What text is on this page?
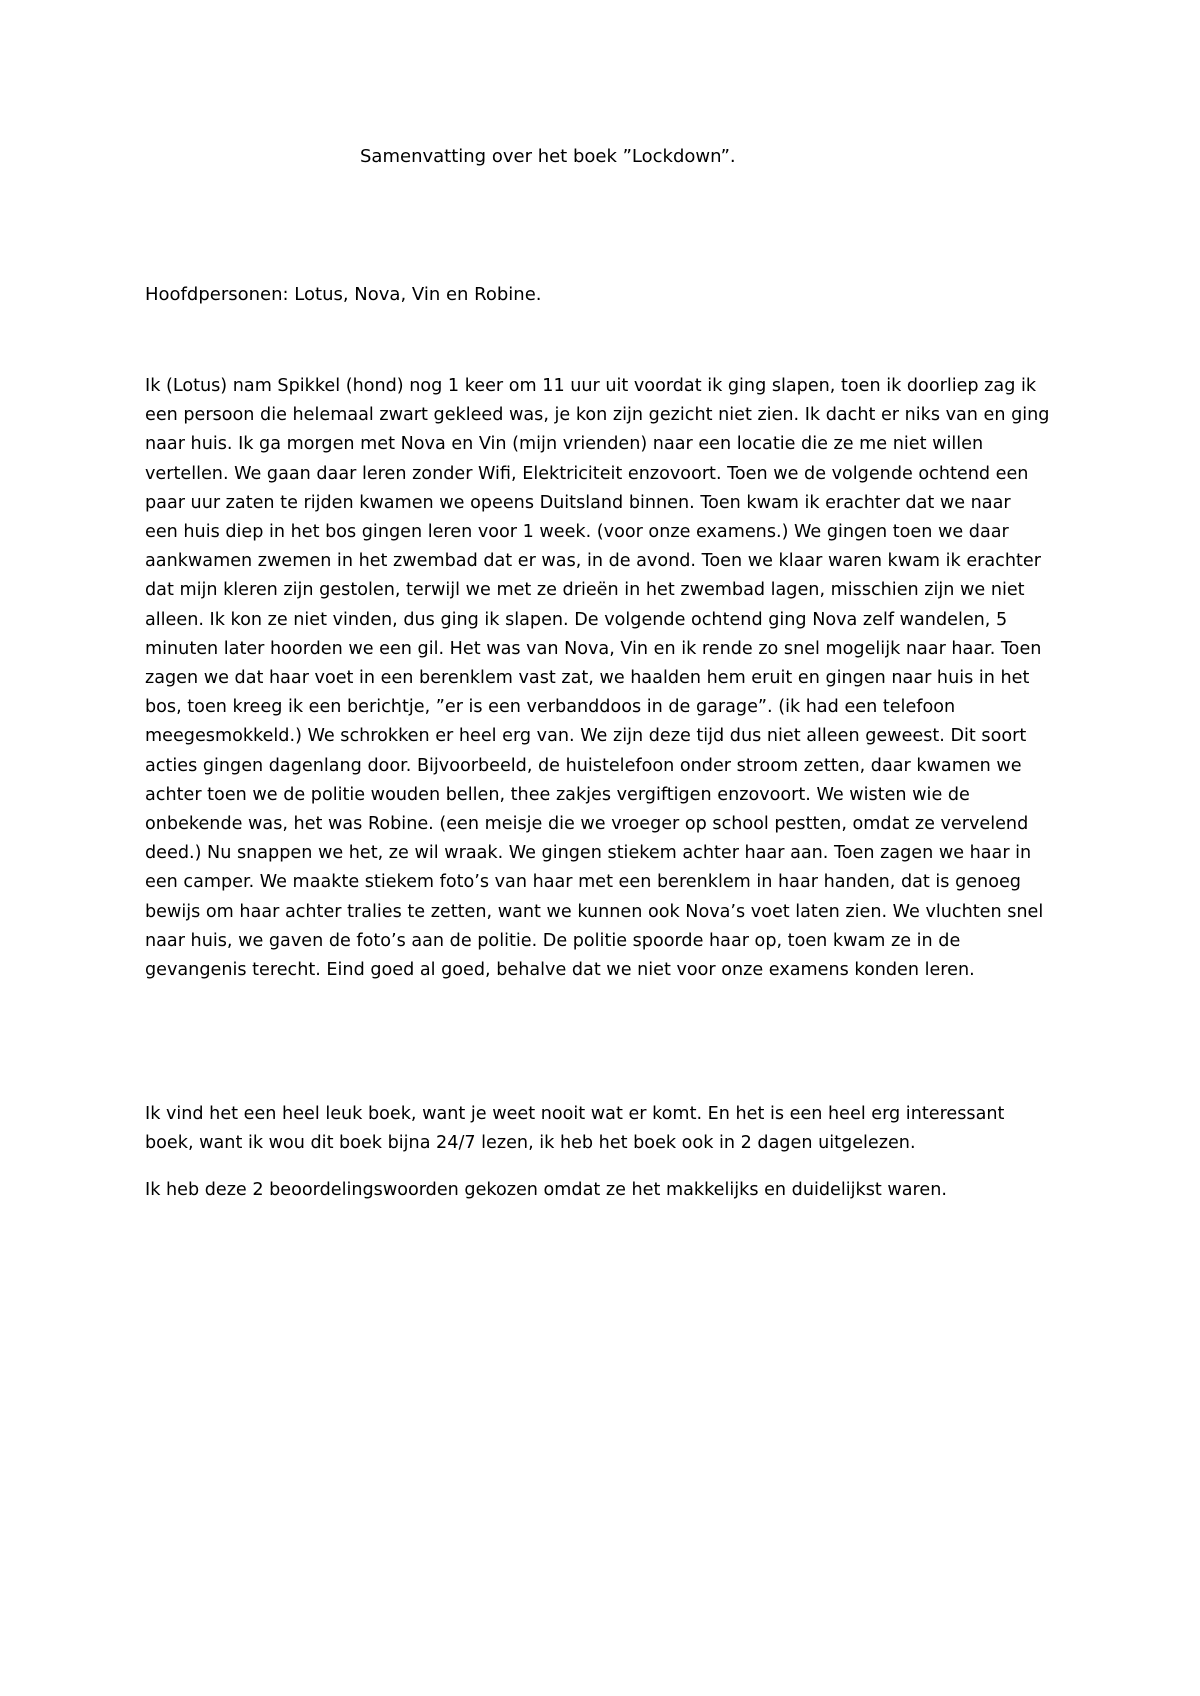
Samenvatting over het boek ”Lockdown”.

Hoofdpersonen: Lotus, Nova, Vin en Robine.

Ik (Lotus) nam Spikkel (hond) nog 1 keer om 11 uur uit voordat ik ging slapen, toen ik doorliep zag ik
een persoon die helemaal zwart gekleed was, je kon zijn gezicht niet zien. Ik dacht er niks van en ging
naar huis. Ik ga morgen met Nova en Vin (mijn vrienden) naar een locatie die ze me niet willen
vertellen. We gaan daar leren zonder Wifi, Elektriciteit enzovoort. Toen we de volgende ochtend een
paar uur zaten te rijden kwamen we opeens Duitsland binnen. Toen kwam ik erachter dat we naar
een huis diep in het bos gingen leren voor 1 week. (voor onze examens.) We gingen toen we daar
aankwamen zwemen in het zwembad dat er was, in de avond. Toen we klaar waren kwam ik erachter
dat mijn kleren zijn gestolen, terwijl we met ze drieën in het zwembad lagen, misschien zijn we niet
alleen. Ik kon ze niet vinden, dus ging ik slapen. De volgende ochtend ging Nova zelf wandelen, 5
minuten later hoorden we een gil. Het was van Nova, Vin en ik rende zo snel mogelijk naar haar. Toen
zagen we dat haar voet in een berenklem vast zat, we haalden hem eruit en gingen naar huis in het
bos, toen kreeg ik een berichtje, ”er is een verbanddoos in de garage”. (ik had een telefoon
meegesmokkeld.) We schrokken er heel erg van. We zijn deze tijd dus niet alleen geweest. Dit soort
acties gingen dagenlang door. Bijvoorbeeld, de huistelefoon onder stroom zetten, daar kwamen we
achter toen we de politie wouden bellen, thee zakjes vergiftigen enzovoort. We wisten wie de
onbekende was, het was Robine. (een meisje die we vroeger op school pestten, omdat ze vervelend
deed.) Nu snappen we het, ze wil wraak. We gingen stiekem achter haar aan. Toen zagen we haar in
een camper. We maakte stiekem foto’s van haar met een berenklem in haar handen, dat is genoeg
bewijs om haar achter tralies te zetten, want we kunnen ook Nova’s voet laten zien. We vluchten snel
naar huis, we gaven de foto’s aan de politie. De politie spoorde haar op, toen kwam ze in de
gevangenis terecht. Eind goed al goed, behalve dat we niet voor onze examens konden leren.

Ik vind het een heel leuk boek, want je weet nooit wat er komt. En het is een heel erg interessant
boek, want ik wou dit boek bijna 24/7 lezen, ik heb het boek ook in 2 dagen uitgelezen.

Ik heb deze 2 beoordelingswoorden gekozen omdat ze het makkelijks en duidelijkst waren.
